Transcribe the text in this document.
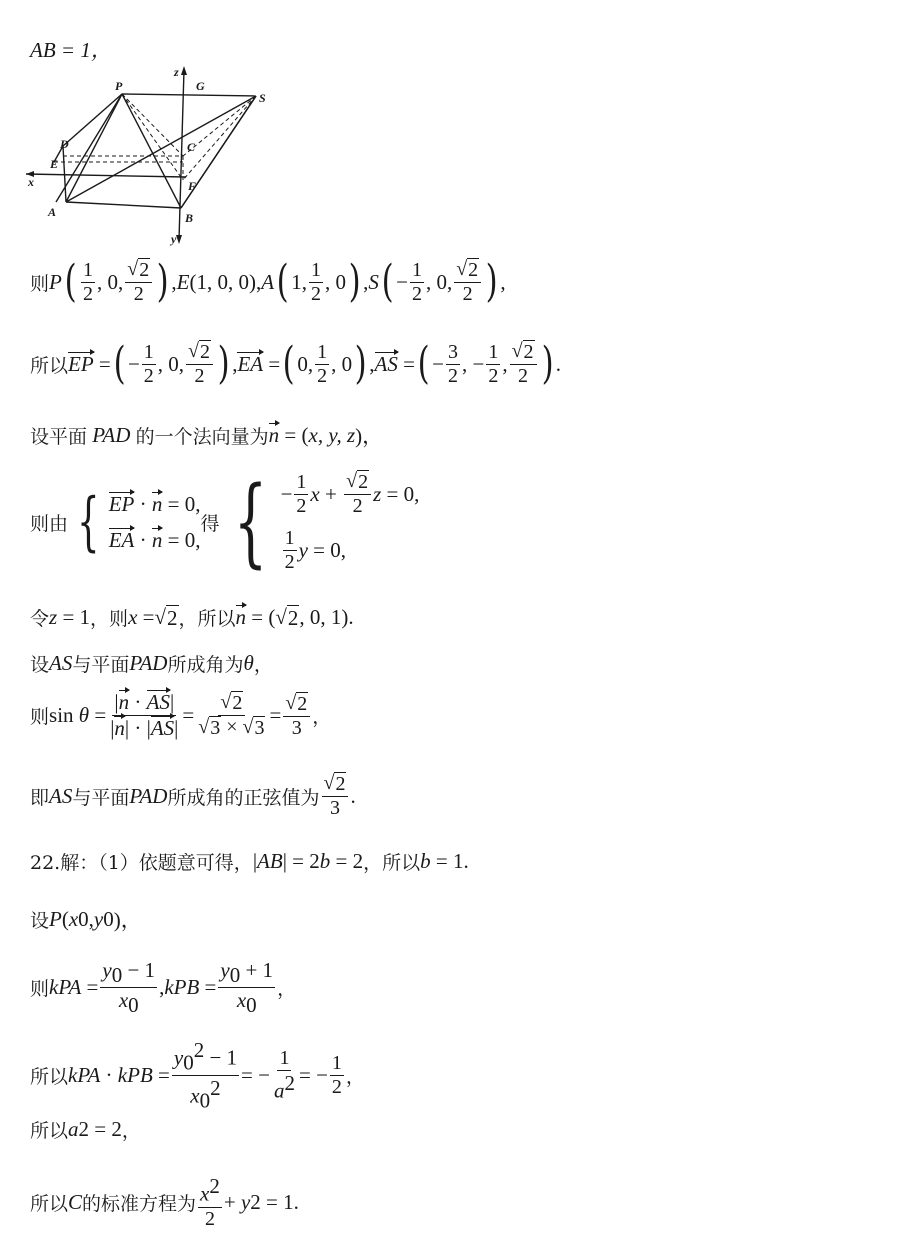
AB = 1，
P	G
S
z
D	C
E
x	F
A	B
y
则 P ( $\frac{1}{2}$ , 0, $\frac{√ 2}{2}$ ) , E (1, 0, 0), A ( 1, $\frac{1}{2}$ , 0 ) , S ( − $\frac{1}{2}$ , 0, $\frac{√ 2}{2}$ ) ,
所以 EP = ( − $\frac{1}{2}$ , 0, $\frac{√ 2}{2}$ ) , EA = ( 0, $\frac{1}{2}$ , 0 ) , AS = ( − $\frac{3}{2}$ , − $\frac{1}{2}$ , $\frac{√ 2}{2}$ ) .
设平面
PAD
的一个法向量为 n = ( x, y, z )，
则由 { EP · n = 0,
EA · n = 0,
得 { − $\frac{1}{2}$ $x + \frac{√ 2}{2}$ z = 0,
$\frac{1}{2}$ y = 0,
令 z = 1 ，则 x = √ 2 ，所以 n = ( √ 2 , 0, 1).
设 AS 与平面 PAD 所成角为 θ ，
则 $\sin \theta = \frac{|n \cdot AS|}{|n| \cdot |AS|} = \frac{√ 2}{√ 3 \times √ 3} = \frac{√ 2}{3}$ ，
即 AS 与平面 PAD 所成角的正弦值为 $\frac{√ 2}{3}$ .
22.解：（1）依题意可得， | AB | = 2 b = 2 ，所以 b = 1.
设 P ( x 0 , y 0 )，
则 k PA = $\frac{y_0 - 1}{x_0}$ , k PB = $\frac{y_0 + 1}{x_0}$ ，
所以 k PA · k PB = $\frac{y_0^2 - 1}{x_0^2}$ = − $\frac{1}{a^2}$ = − $\frac{1}{2}$ ，
所以 a 2 = 2 ，
所以 C 的标准方程为 $\frac{x^2}{2} + y$ 2 = 1.
